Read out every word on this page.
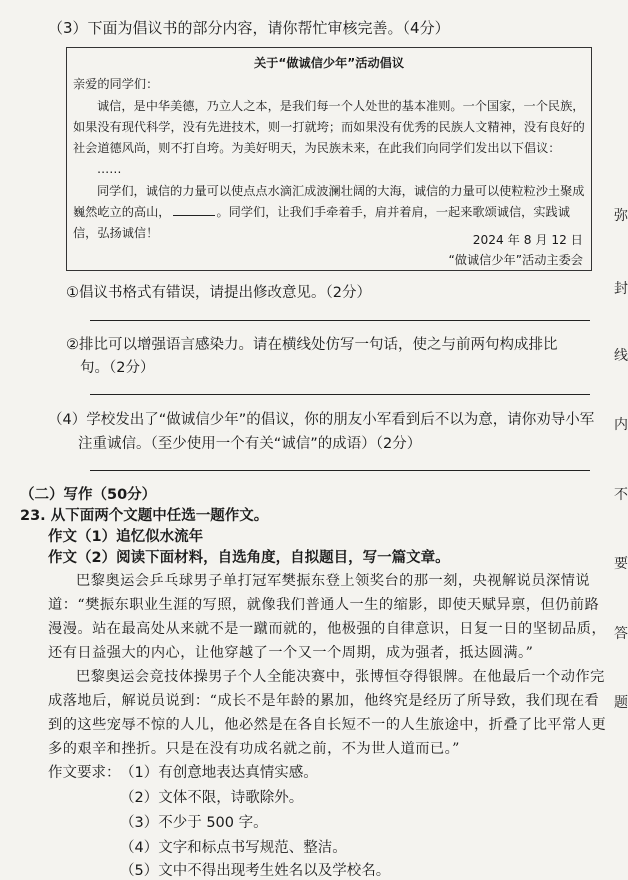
（3）下面为倡议书的部分内容，请你帮忙审核完善。（4分）
关于“做诚信少年”活动倡议
亲爱的同学们：
诚信，是中华美德，乃立人之本，是我们每一个人处世的基本准则。一个国家，一个民族，
如果没有现代科学，没有先进技术，则一打就垮；而如果没有优秀的民族人文精神，没有良好的
社会道德风尚，则不打自垮。为美好明天，为民族未来，在此我们向同学们发出以下倡议：
……
同学们，诚信的力量可以使点点水滴汇成波澜壮阔的大海，诚信的力量可以使粒粒沙土聚成
巍然屹立的高山，	。同学们，让我们手牵着手，肩并着肩，一起来歌颂诚信，实践诚
信，弘扬诚信！	2024 年 8 月 12 日
“做诚信少年”活动主委会
①倡议书格式有错误，请提出修改意见。（2分）
②排比可以增强语言感染力。请在横线处仿写一句话，使之与前两句构成排比
句。（2分）
（4）学校发出了“做诚信少年”的倡议，你的朋友小军看到后不以为意，请你劝导小军
注重诚信。（至少使用一个有关“诚信”的成语）（2分）
（二）写作（50分）
23. 从下面两个文题中任选一题作文。
作文（1）追忆似水流年
作文（2）阅读下面材料，自选角度，自拟题目，写一篇文章。
巴黎奥运会乒乓球男子单打冠军樊振东登上领奖台的那一刻，央视解说员深情说
道：“樊振东职业生涯的写照，就像我们普通人一生的缩影，即使天赋异禀，但仍前路
漫漫。站在最高处从来就不是一蹴而就的，他极强的自律意识，日复一日的坚韧品质，
还有日益强大的内心，让他穿越了一个又一个周期，成为强者，抵达圆满。”
巴黎奥运会竞技体操男子个人全能决赛中，张博恒夺得银牌。在他最后一个动作完
成落地后，解说员说到：“成长不是年龄的累加，他终究是经历了所导致，我们现在看
到的这些宠辱不惊的人儿，他必然是在各自长短不一的人生旅途中，折叠了比平常人更
多的艰辛和挫折。只是在没有功成名就之前，不为世人道而已。”
作文要求： （1）有创意地表达真情实感。
（2）文体不限，诗歌除外。
（3）不少于 500 字。
（4）文字和标点书写规范、整洁。
（5）文中不得出现考生姓名以及学校名。
弥
封
线
内
不
要
答
题
